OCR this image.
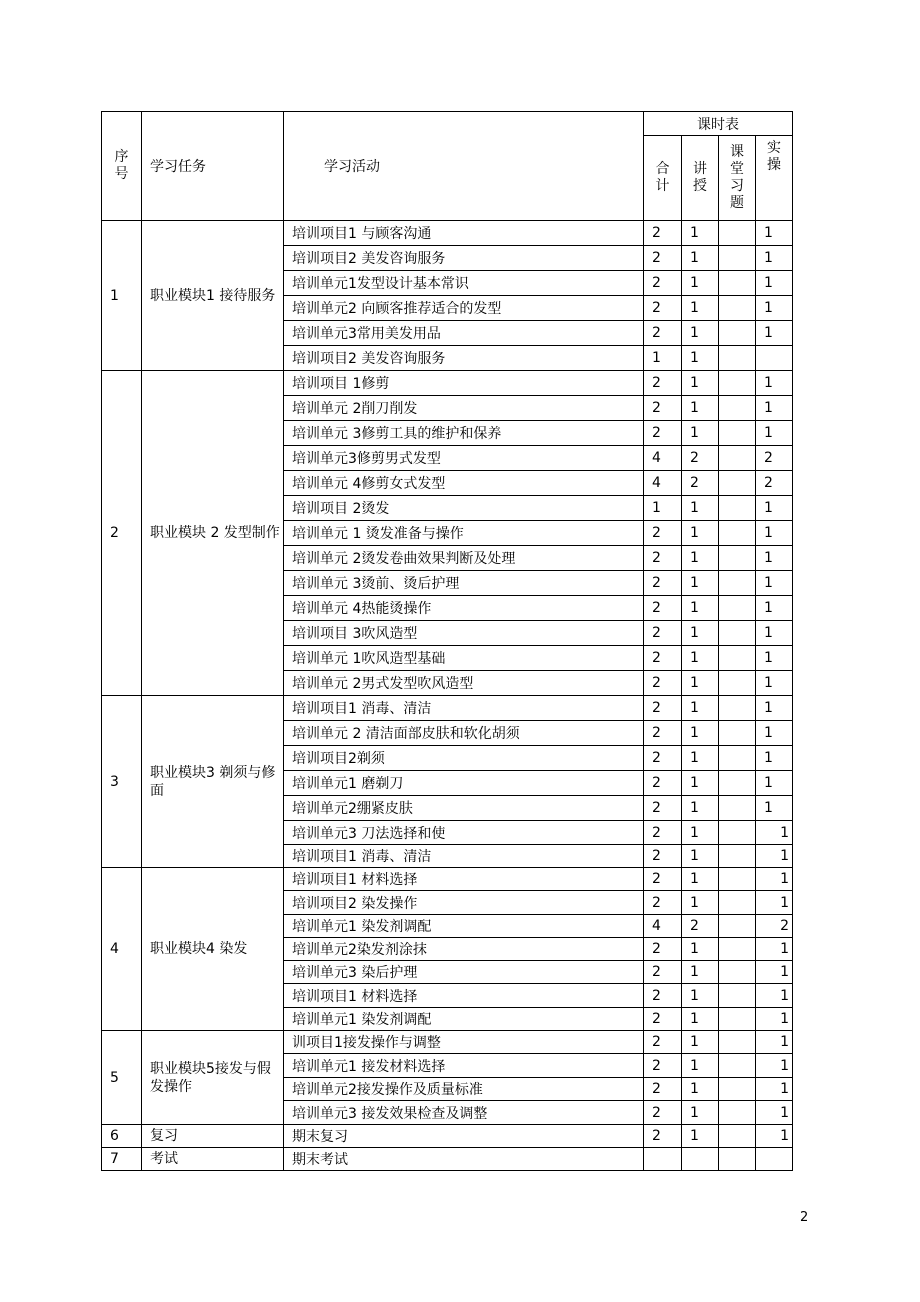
序号	学习任务	学习活动	课时表			
			合计	讲授	课堂习题	实操
1	职业模块1 接待服务	培训项目1 与顾客沟通	2	1		1
		培训项目2 美发咨询服务	2	1		1
		培训单元1发型设计基本常识	2	1		1
		培训单元2 向顾客推荐适合的发型	2	1		1
		培训单元3常用美发用品	2	1		1
		培训项目2 美发咨询服务	1	1		
2	职业模块 2 发型制作	培训项目 1修剪	2	1		1
		培训单元 2削刀削发	2	1		1
		培训单元 3修剪工具的维护和保养	2	1		1
		培训单元3修剪男式发型	4	2		2
		培训单元 4修剪女式发型	4	2		2
		培训项目 2烫发	1	1		1
		培训单元 1 烫发准备与操作	2	1		1
		培训单元 2烫发卷曲效果判断及处理	2	1		1
		培训单元 3烫前、烫后护理	2	1		1
		培训单元 4热能烫操作	2	1		1
		培训项目 3吹风造型	2	1		1
		培训单元 1吹风造型基础	2	1		1
		培训单元 2男式发型吹风造型	2	1		1
3	职业模块3 剃须与修面	培训项目1 消毒、清洁	2	1		1
		培训单元 2 清洁面部皮肤和软化胡须	2	1		1
		培训项目2剃须	2	1		1
		培训单元1 磨剃刀	2	1		1
		培训单元2绷紧皮肤	2	1		1
		培训单元3 刀法选择和使	2	1		1
		培训项目1 消毒、清洁	2	1		1
4	职业模块4 染发	培训项目1 材料选择	2	1		1
		培训项目2 染发操作	2	1		1
		培训单元1 染发剂调配	4	2		2
		培训单元2染发剂涂抹	2	1		1
		培训单元3 染后护理	2	1		1
		培训项目1 材料选择	2	1		1
		培训单元1 染发剂调配	2	1		1
5	职业模块5接发与假发操作	训项目1接发操作与调整	2	1		1
		培训单元1 接发材料选择	2	1		1
		培训单元2接发操作及质量标准	2	1		1
		培训单元3 接发效果检查及调整	2	1		1
6	复习	期末复习	2	1		1
7	考试	期末考试				
2
